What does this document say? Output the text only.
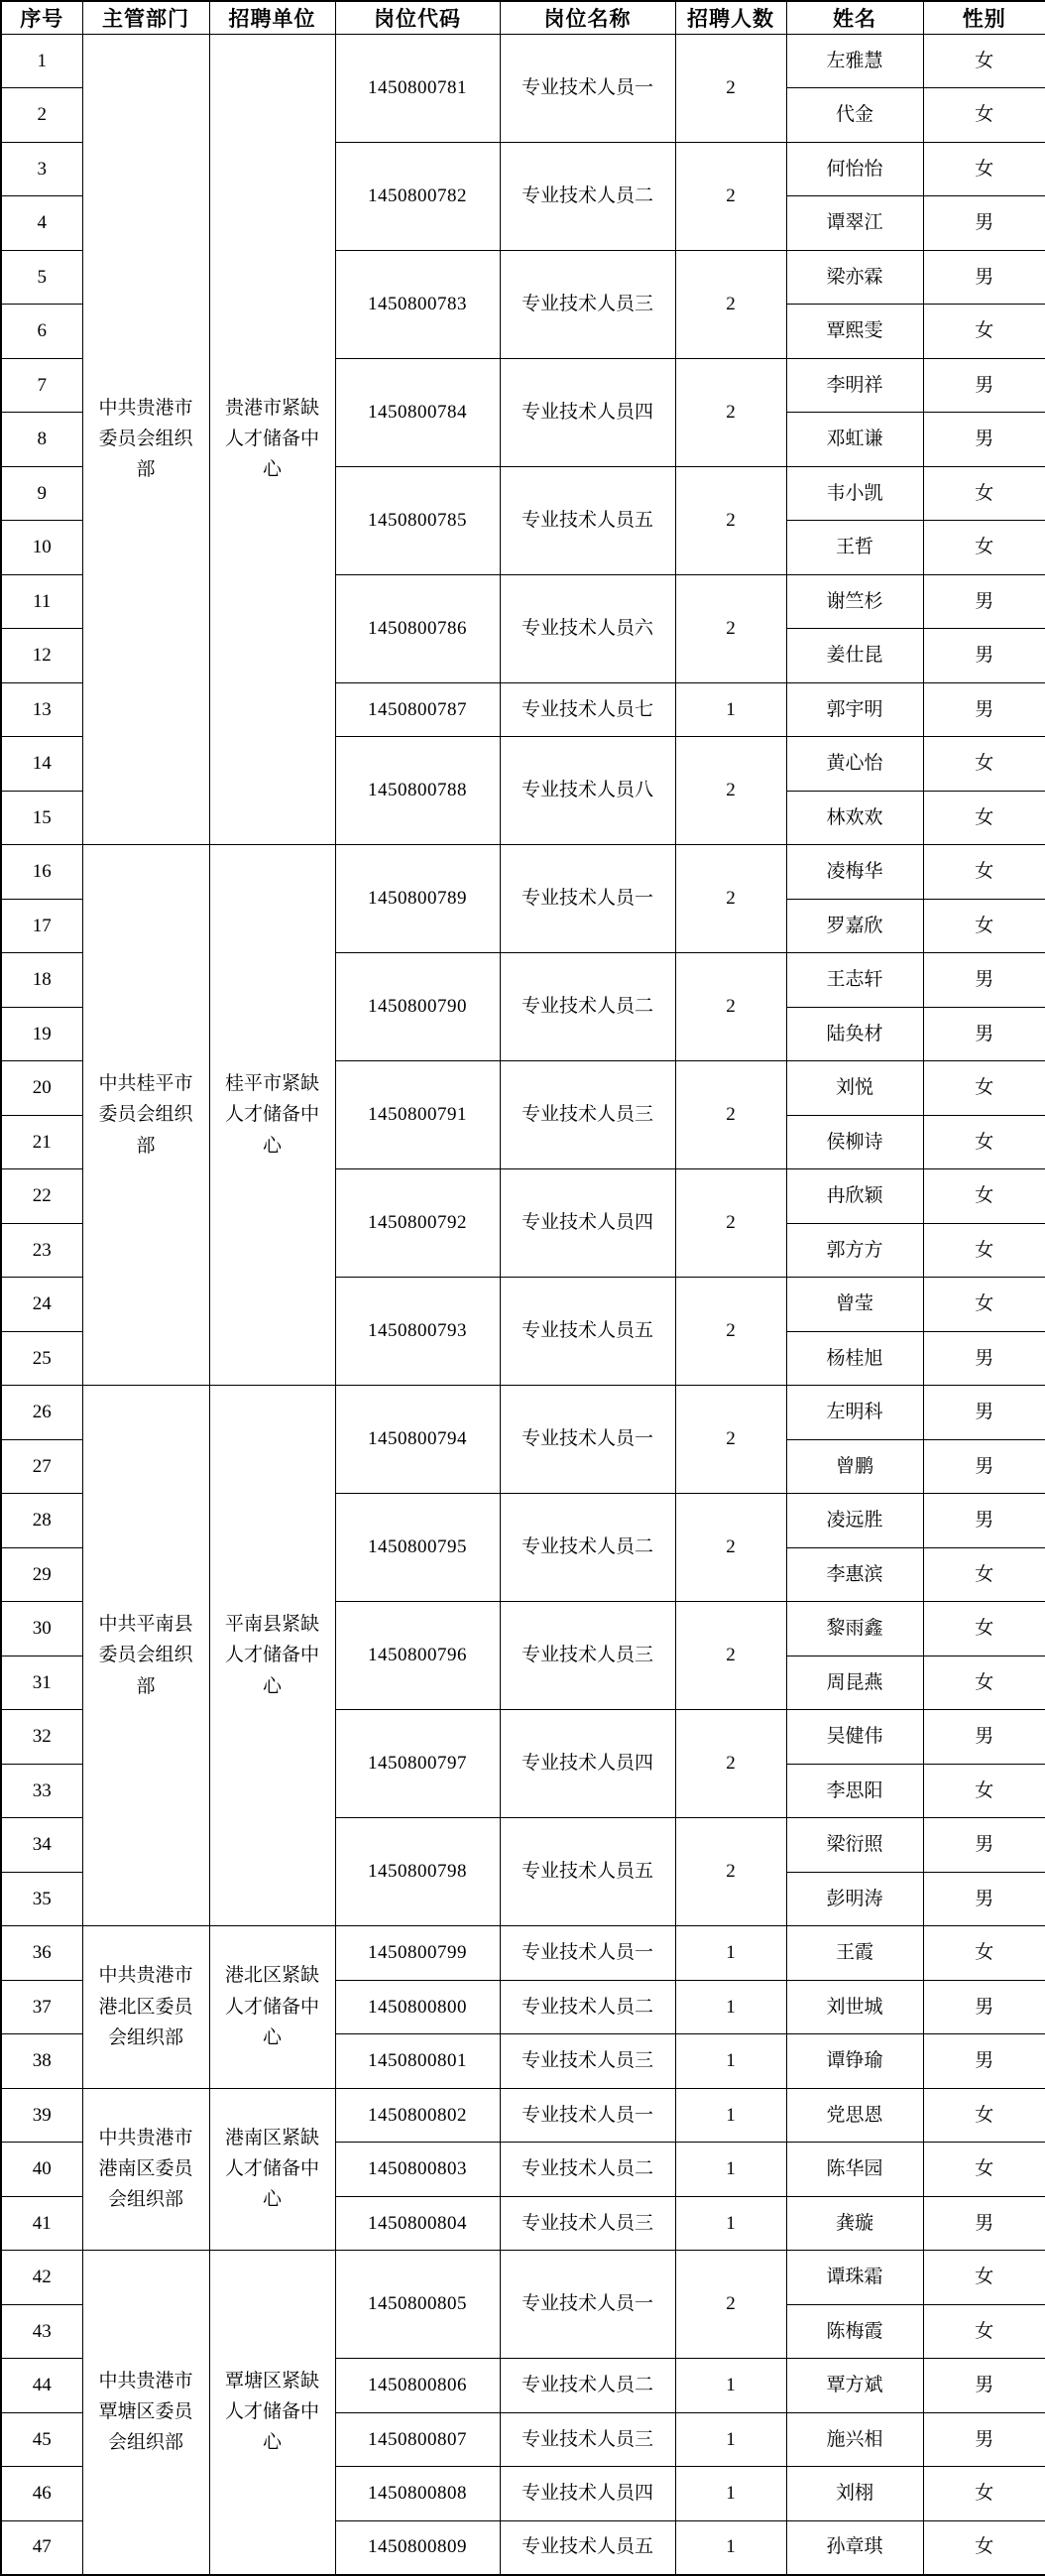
序号	主管部门	招聘单位	岗位代码	岗位名称	招聘人数	姓名	性别
1	中共贵港市委员会组织部	贵港市紧缺人才储备中心	1450800781	专业技术人员一	2	左雅慧	女
2						代金	女
3			1450800782	专业技术人员二	2	何怡怡	女
4						谭翠江	男
5			1450800783	专业技术人员三	2	梁亦霖	男
6						覃熙雯	女
7			1450800784	专业技术人员四	2	李明祥	男
8						邓虹谦	男
9			1450800785	专业技术人员五	2	韦小凯	女
10						王哲	女
11			1450800786	专业技术人员六	2	谢竺杉	男
12						姜仕昆	男
13			1450800787	专业技术人员七	1	郭宇明	男
14			1450800788	专业技术人员八	2	黄心怡	女
15						林欢欢	女
16	中共桂平市委员会组织部	桂平市紧缺人才储备中心	1450800789	专业技术人员一	2	凌梅华	女
17						罗嘉欣	女
18			1450800790	专业技术人员二	2	王志轩	男
19						陆奂材	男
20			1450800791	专业技术人员三	2	刘悦	女
21						侯柳诗	女
22			1450800792	专业技术人员四	2	冉欣颖	女
23						郭方方	女
24			1450800793	专业技术人员五	2	曾莹	女
25						杨桂旭	男
26	中共平南县委员会组织部	平南县紧缺人才储备中心	1450800794	专业技术人员一	2	左明科	男
27						曾鹏	男
28			1450800795	专业技术人员二	2	凌远胜	男
29						李惠滨	女
30			1450800796	专业技术人员三	2	黎雨鑫	女
31						周昆燕	女
32			1450800797	专业技术人员四	2	吴健伟	男
33						李思阳	女
34			1450800798	专业技术人员五	2	梁衍照	男
35						彭明涛	男
36	中共贵港市港北区委员会组织部	港北区紧缺人才储备中心	1450800799	专业技术人员一	1	王霞	女
37			1450800800	专业技术人员二	1	刘世城	男
38			1450800801	专业技术人员三	1	谭铮瑜	男
39	中共贵港市港南区委员会组织部	港南区紧缺人才储备中心	1450800802	专业技术人员一	1	党思恩	女
40			1450800803	专业技术人员二	1	陈华园	女
41			1450800804	专业技术人员三	1	龚璇	男
42	中共贵港市覃塘区委员会组织部	覃塘区紧缺人才储备中心	1450800805	专业技术人员一	2	谭珠霜	女
43						陈梅霞	女
44			1450800806	专业技术人员二	1	覃方斌	男
45			1450800807	专业技术人员三	1	施兴相	男
46			1450800808	专业技术人员四	1	刘栩	女
47			1450800809	专业技术人员五	1	孙章琪	女
